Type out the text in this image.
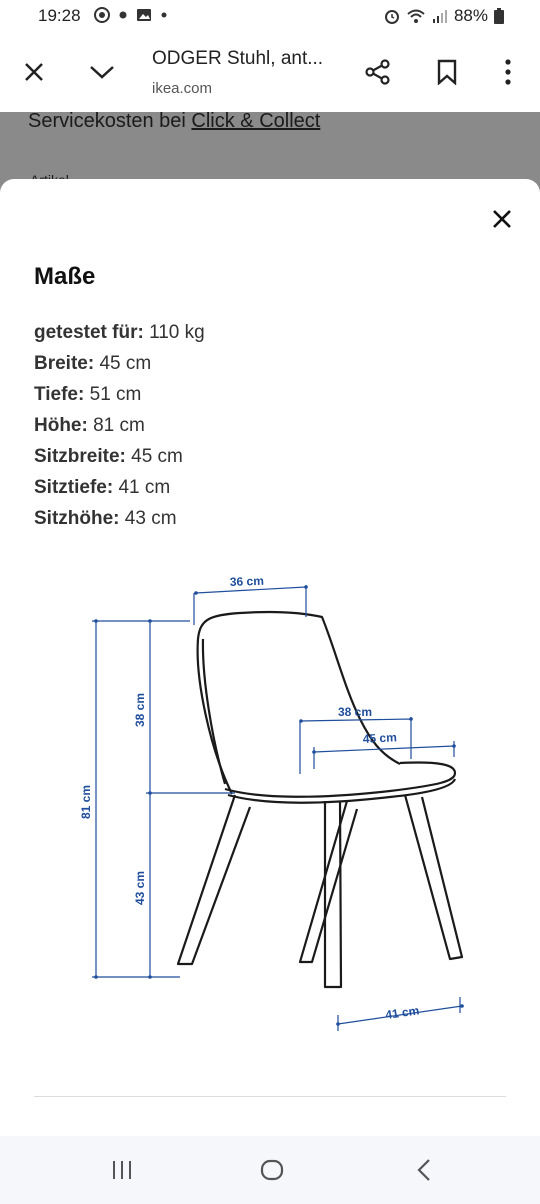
19:28	88%
ODGER Stuhl, ant...
ikea.com
Servicekosten bei Click & Collect
Maße
getestet für: 110 kg
Breite: 45 cm
Tiefe: 51 cm
Höhe: 81 cm
Sitzbreite: 45 cm
Sitztiefe: 41 cm
Sitzhöhe: 43 cm
36 cm
38 cm
45 cm
81 cm
38 cm
43 cm
41 cm
